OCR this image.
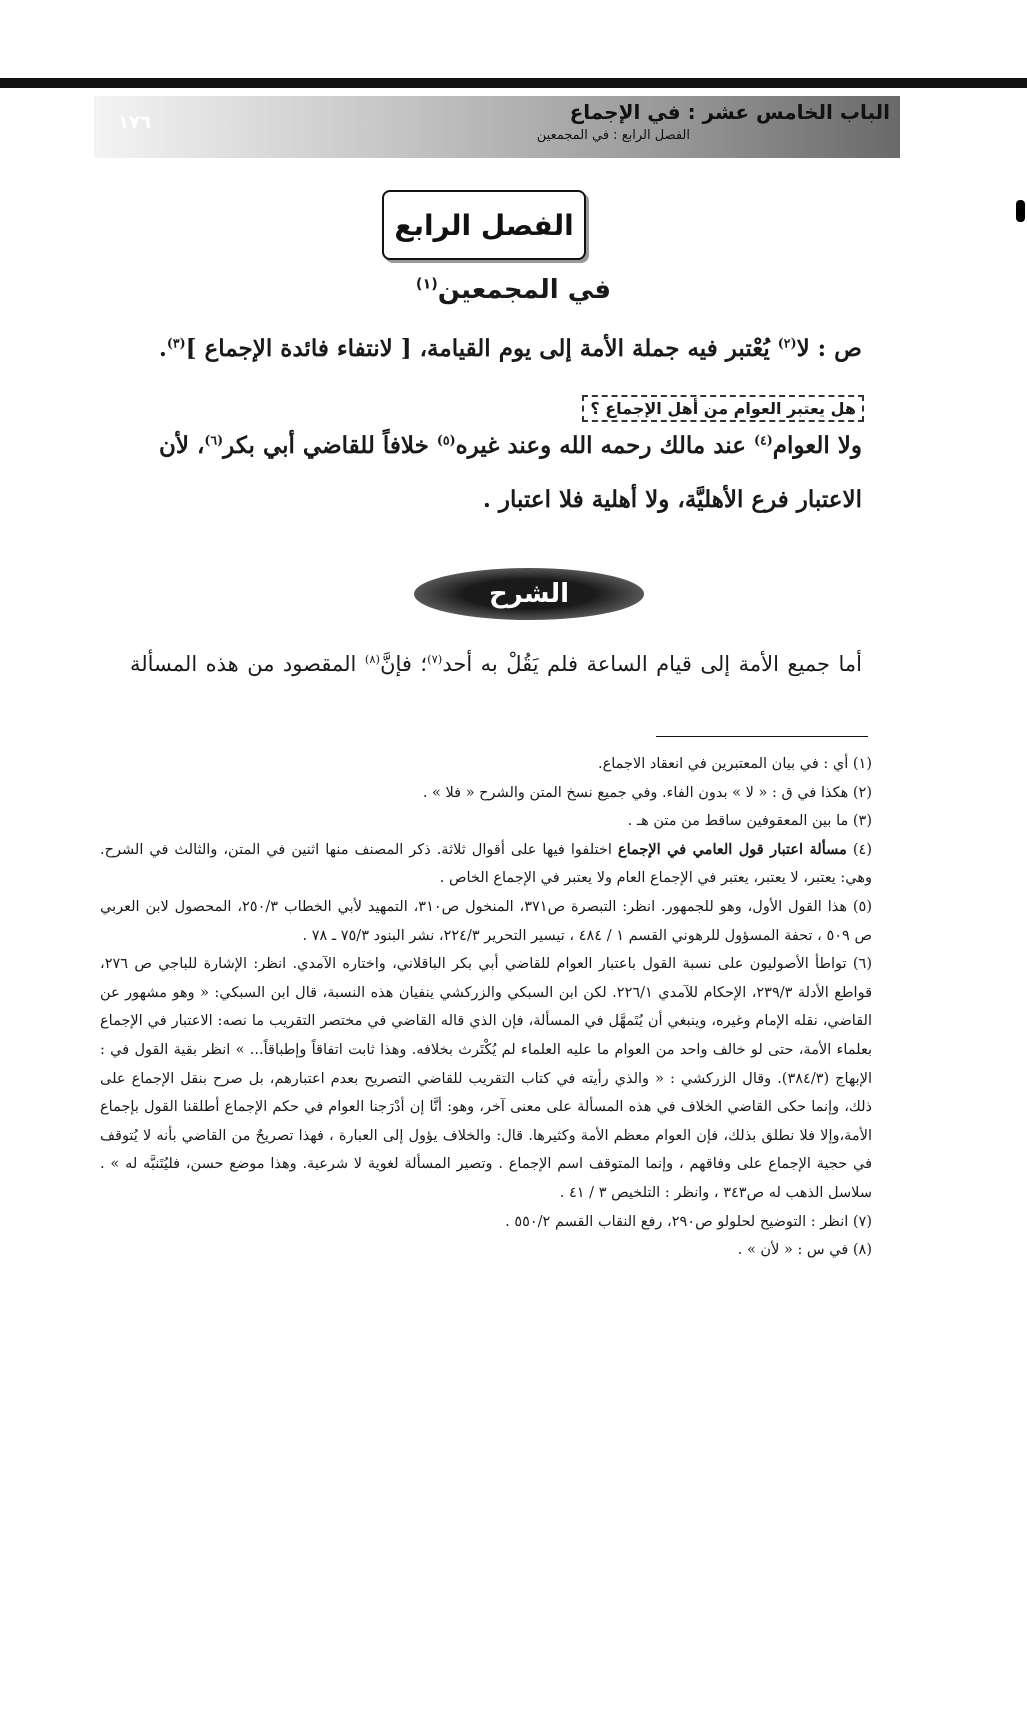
١٧٦	الباب الخامس عشر : في الإجماع
الفصل الرابع : في المجمعين
الفصل الرابع
في المجمعين$^{(١)}$
ص : لا$^{(٢)}$ يُعْتبر فيه جملة الأمة إلى يوم القيامة، [ لانتفاء فائدة الإجماع ]$^{(٣)}$.
هل يعتبر العوام من أهل الإجماع ؟
ولا العوام$^{(٤)}$ عند مالك رحمه الله وعند غيره$^{(٥)}$ خلافاً للقاضي أبي بكر$^{(٦)}$، لأن
الاعتبار فرع الأهليَّة، ولا أهلية فلا اعتبار .
الشرح
أما جميع الأمة إلى قيام الساعة فلم يَقُلْ به أحد$^{(٧)}$؛ فإنَّ$^{(٨)}$ المقصود من هذه المسألة

(١) أي : في بيان المعتبرين في انعقاد الاجماع.

(٢) هكذا في ق : « لا » بدون الفاء. وفي جميع نسخ المتن والشرح « فلا » .

(٣) ما بين المعقوفين ساقط من متن هـ .

(٤) مسألة اعتبار قول العامي في الإجماع اختلفوا فيها على أقوال ثلاثة. ذكر المصنف منها اثنين في المتن، والثالث في الشرح. وهي: يعتبر، لا يعتبر، يعتبر في الإجماع العام ولا يعتبر في الإجماع الخاص .

(٥) هذا القول الأول، وهو للجمهور. انظر: التبصرة ص٣٧١، المنخول ص٣١٠، التمهيد لأبي الخطاب ٢٥٠/٣، المحصول لابن العربي ص ٥٠٩ ، تحفة المسؤول للرهوني القسم ١ / ٤٨٤ ، تيسير التحرير ٢٢٤/٣، نشر البنود ٧٥/٣ ـ ٧٨ .

(٦) تواطأ الأصوليون على نسبة القول باعتبار العوام للقاضي أبي بكر الباقلاني، واختاره الآمدي. انظر: الإشارة للباجي ص ٢٧٦، قواطع الأدلة ٢٣٩/٣، الإحكام للآمدي ٢٢٦/١. لكن ابن السبكي والزركشي ينفيان هذه النسبة، قال ابن السبكي: « وهو مشهور عن القاضي، نقله الإمام وغيره، وينبغي أن يُتَمهَّل في المسألة، فإن الذي قاله القاضي في مختصر التقريب ما نصه: الاعتبار في الإجماع بعلماء الأمة، حتى لو خالف واحد من العوام ما عليه العلماء لم يُكْتَرث بخلافه. وهذا ثابت اتفاقاً وإطباقاً... » انظر بقية القول في : الإبهاج (٣٨٤/٣). وقال الزركشي : « والذي رأيته في كتاب التقريب للقاضي التصريح بعدم اعتبارهم، بل صرح بنقل الإجماع على ذلك، وإنما حكى القاضي الخلاف في هذه المسألة على معنى آخر، وهو: أنَّا إن أدْرَجنا العوام في حكم الإجماع أطلقنا القول بإجماع الأمة،وإلا فلا نطلق بذلك، فإن العوام معظم الأمة وكثيرها. قال: والخلاف يؤول إلى العبارة ، فهذا تصريحٌ من القاضي بأنه لا يُتوقف في حجية الإجماع على وفاقهم ، وإنما المتوقف اسم الإجماع . وتصير المسألة لغوية لا شرعية. وهذا موضع حسن، فليُتَنبَّه له » . سلاسل الذهب له ص٣٤٣ ، وانظر : التلخيص ٣ / ٤١ .

(٧) انظر : التوضيح لحلولو ص٢٩٠، رفع النقاب القسم ٥٥٠/٢ .

(٨) في س : « لأن » .
